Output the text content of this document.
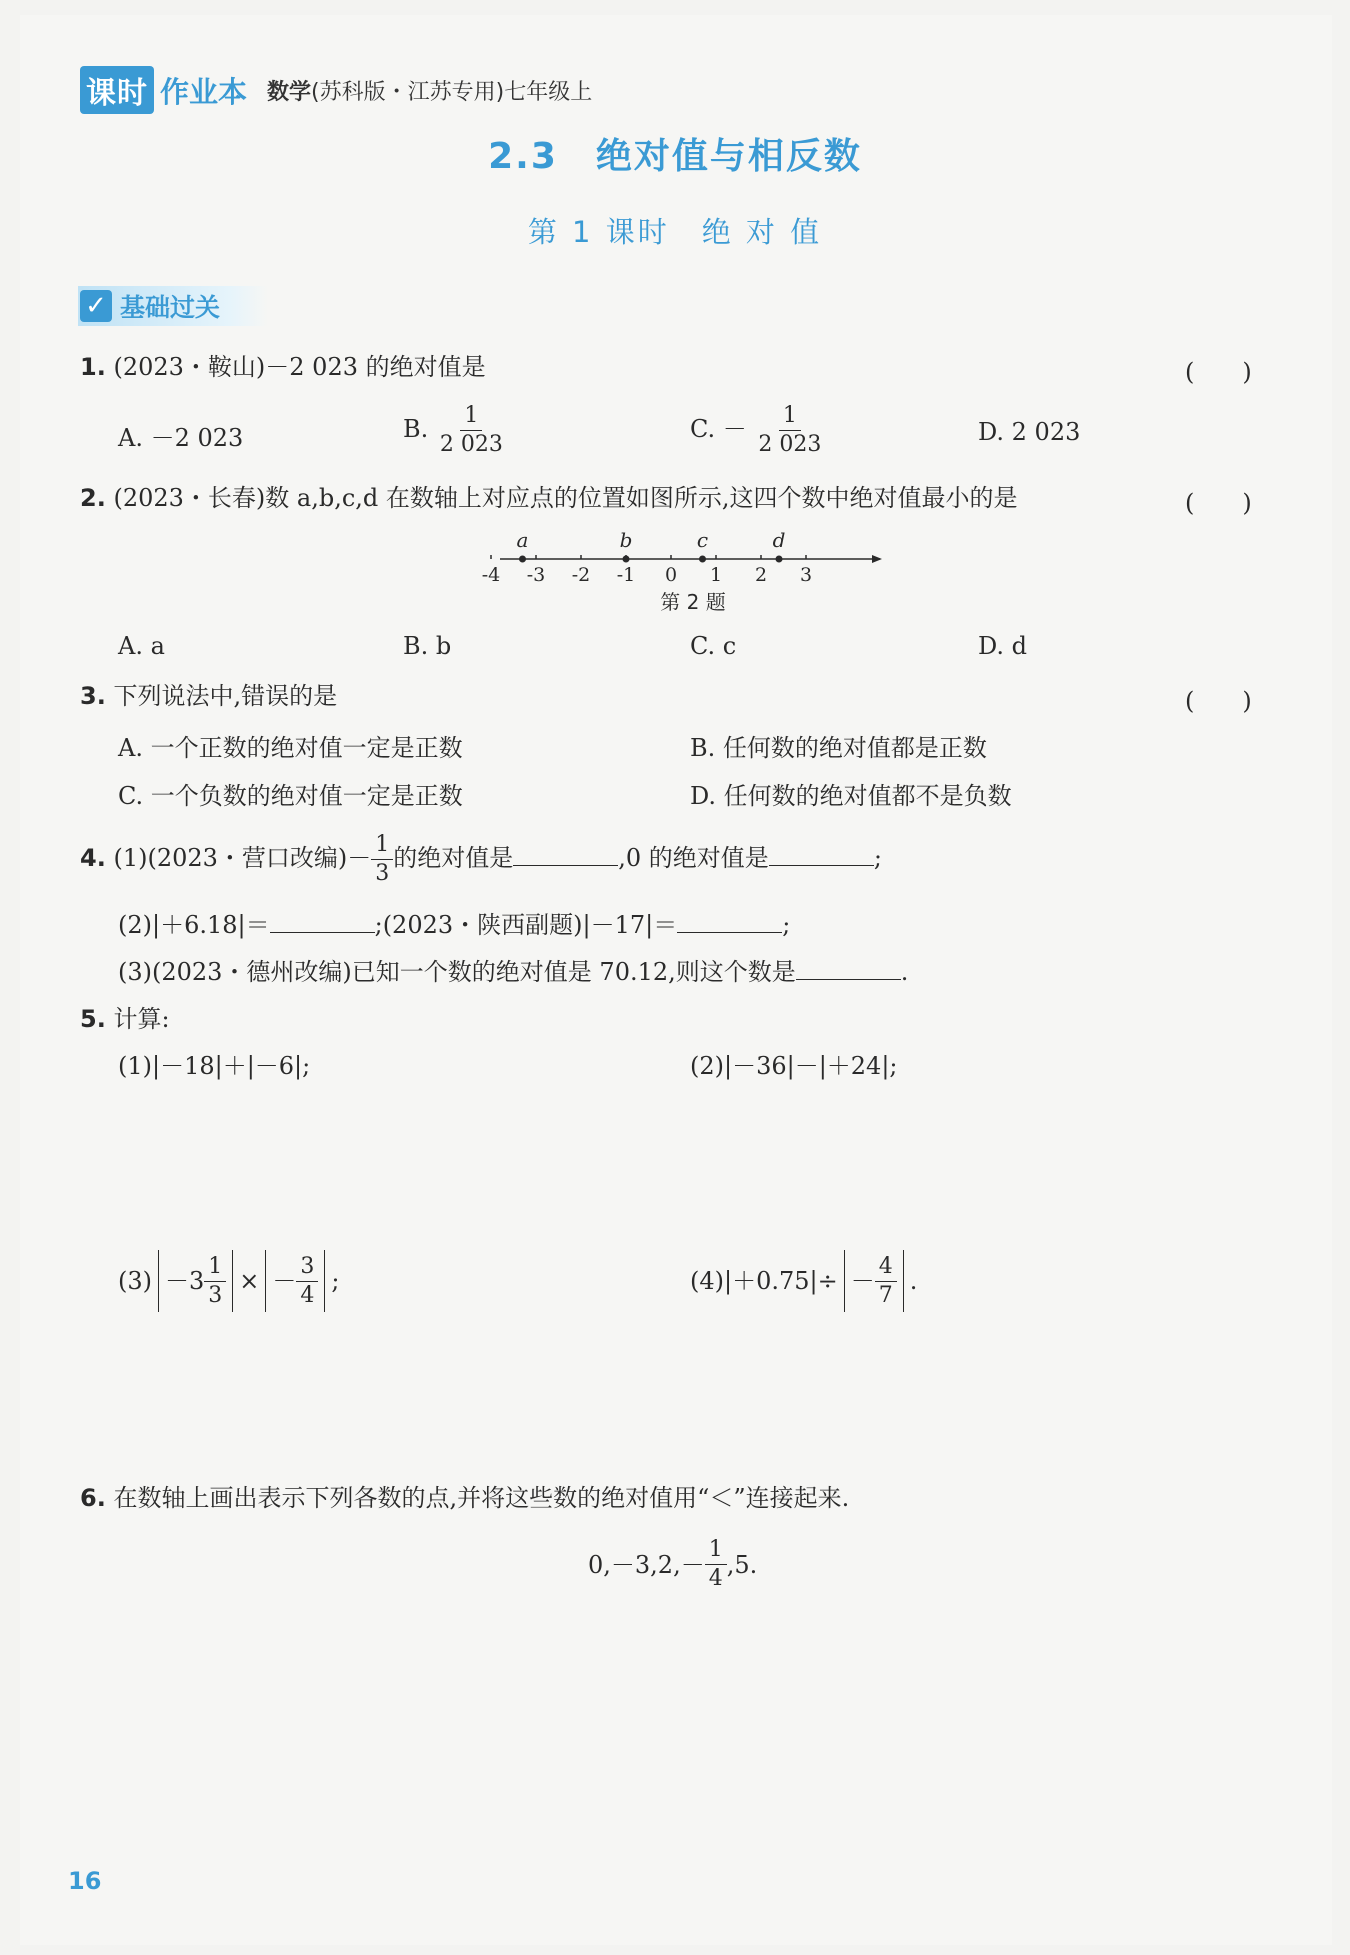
课时 作业本 数学(苏科版・江苏专用)七年级上
2.3　绝对值与相反数
第 1 课时　绝 对 值
✓ 基础过关
1. (2023・鞍山)－2 023 的绝对值是	(　　)
A. －2 023	B. $\frac{1}{2 023}$	C. － $\frac{1}{2 023}$	D. 2 023
2. (2023・长春)数 a,b,c,d 在数轴上对应点的位置如图所示,这四个数中绝对值最小的是	(　　)
-4 -3 -2 -1 0 1 2 3
a	b	c	d
第 2 题
A. a	B. b	C. c	D. d
3. 下列说法中,错误的是	(　　)
A. 一个正数的绝对值一定是正数	B. 任何数的绝对值都是正数
C. 一个负数的绝对值一定是正数	D. 任何数的绝对值都不是负数
4. (1)(2023・营口改编)－ $\frac{1}{3}$ 的绝对值是	,0 的绝对值是	;
(2)|＋6.18|＝	;(2023・陕西副题)|－17|＝	;
(3)(2023・德州改编)已知一个数的绝对值是 70.12,则这个数是	.
5. 计算:
(1)|－18|＋|－6|;	(2)|－36|－|＋24|;
$(3) -3 \frac{1}{3}$ × － $\frac{3}{4}$ ;	$(4)|+0.75|\div - \frac{4}{7}$ .
6. 在数轴上画出表示下列各数的点,并将这些数的绝对值用“＜”连接起来.
$0,-3,2,- \frac{1}{4} ,5$.
16
